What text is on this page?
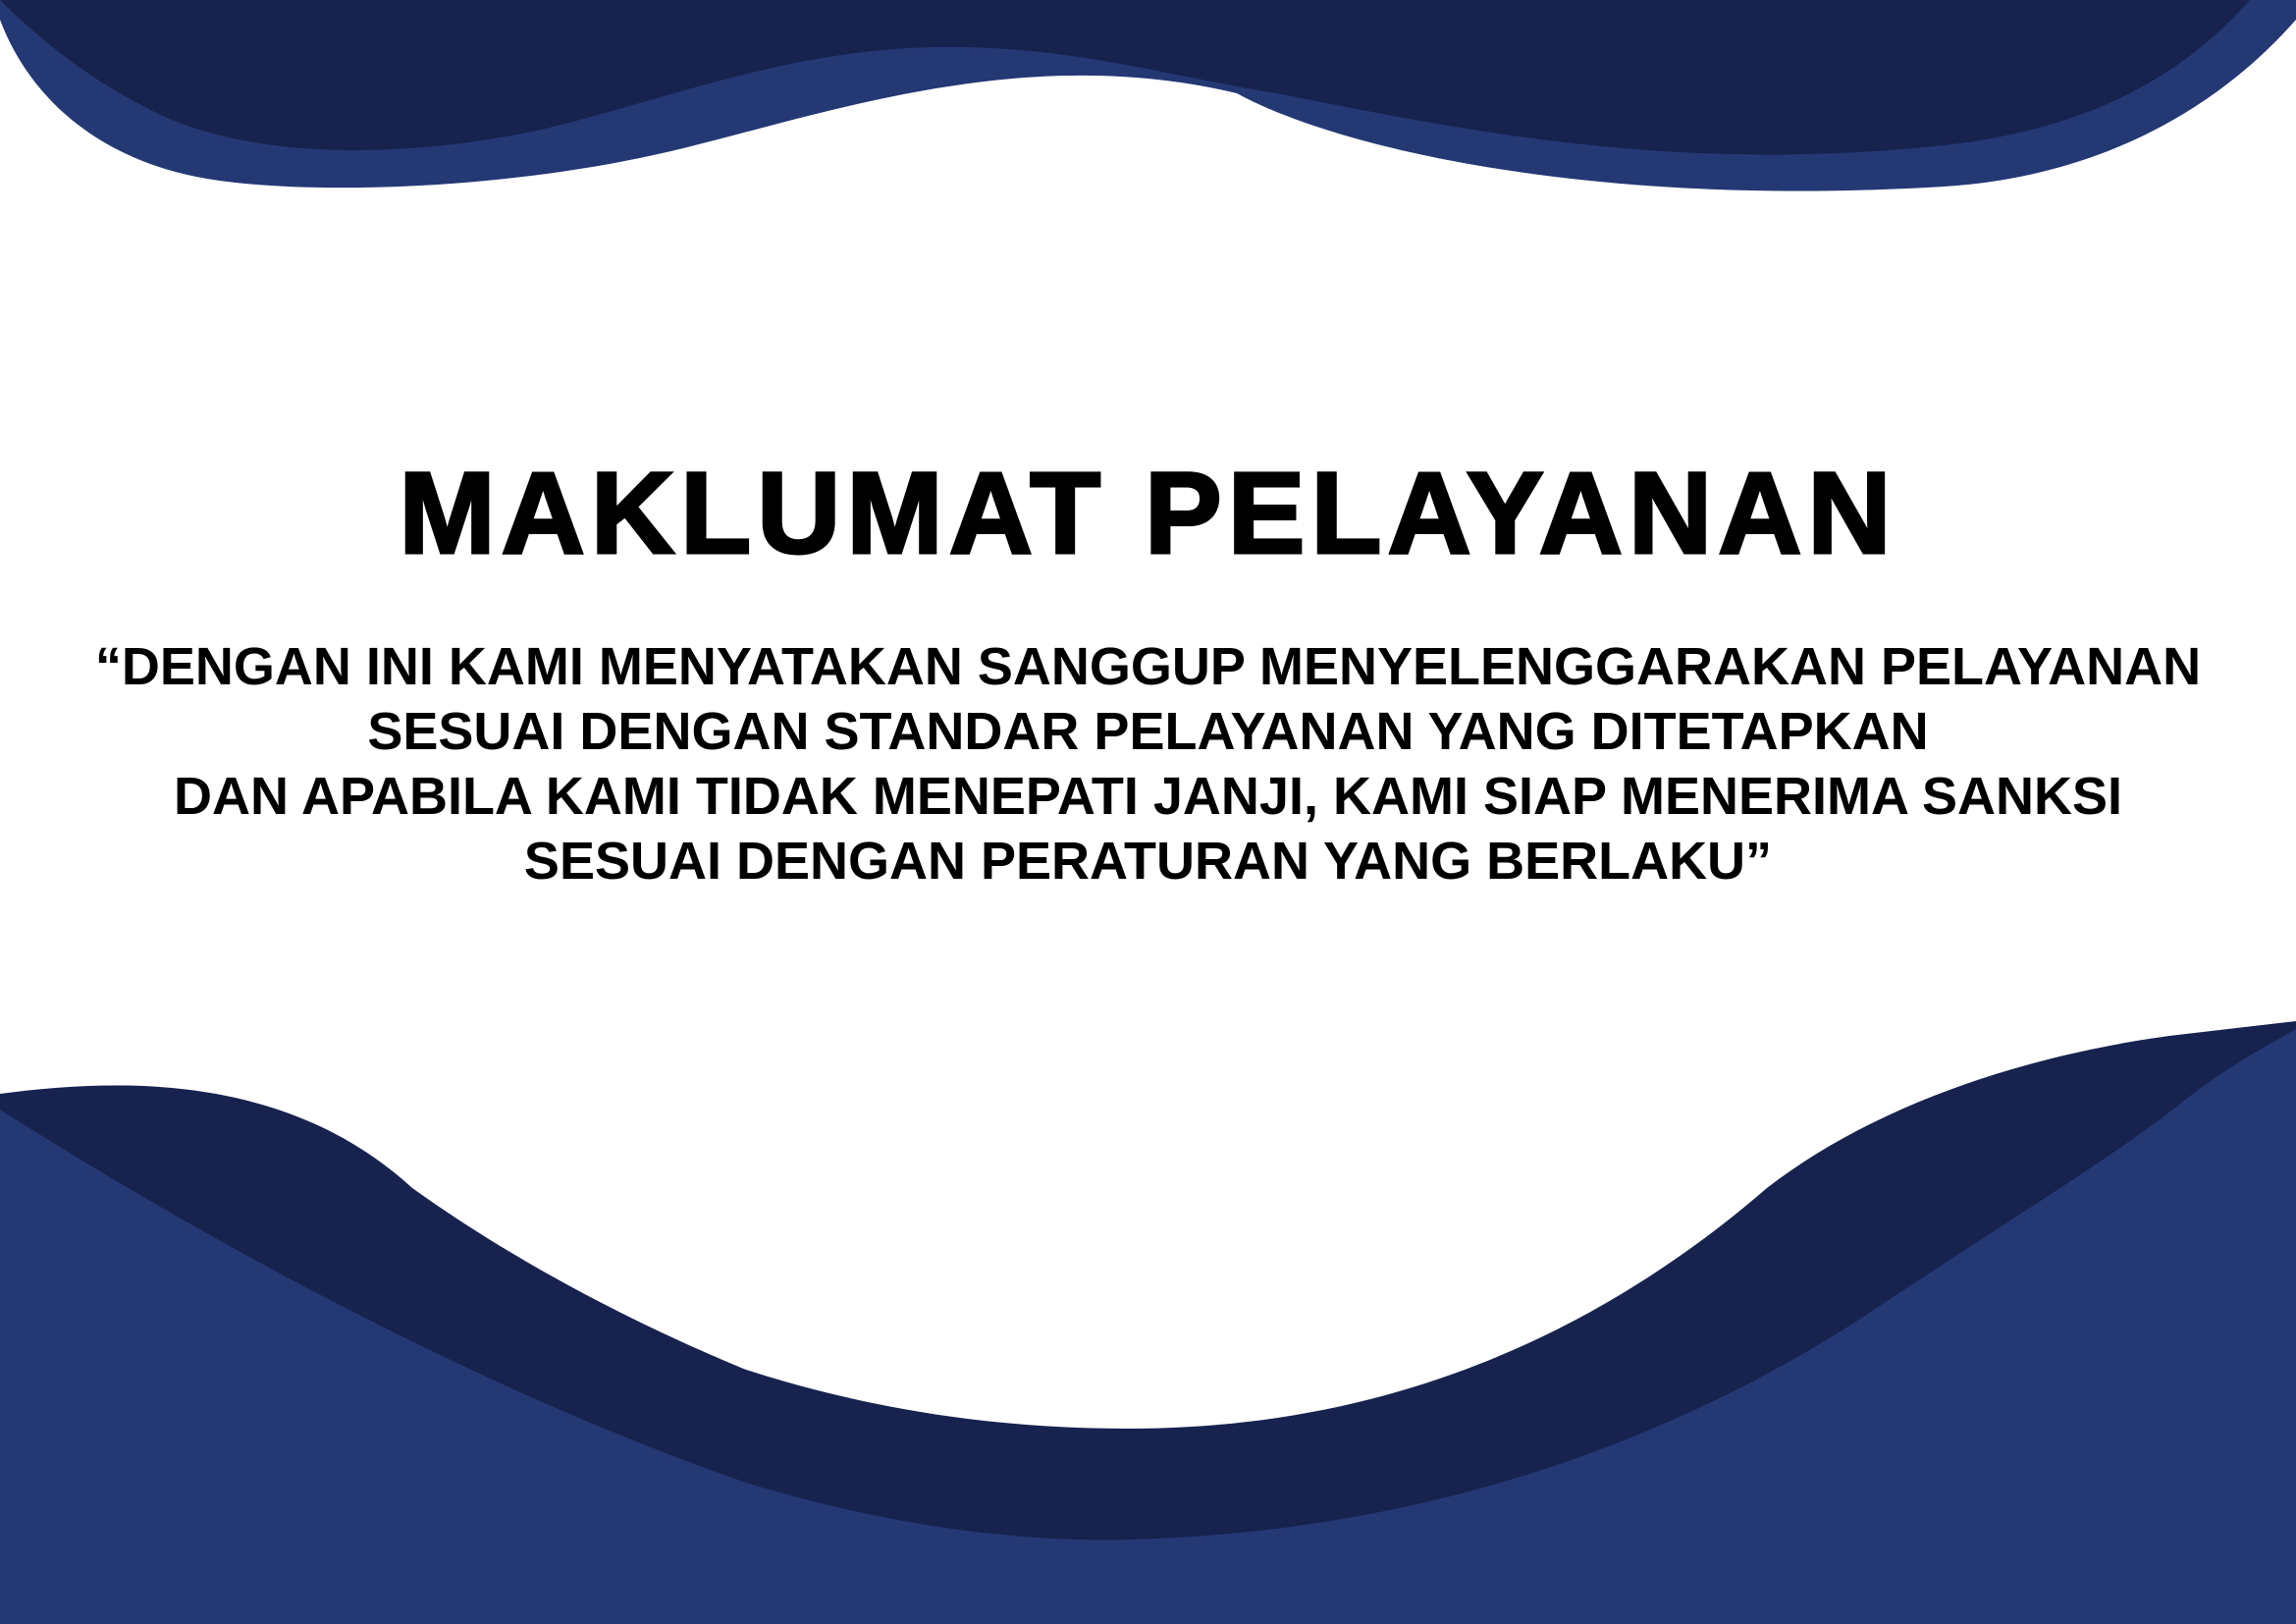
MAKLUMAT PELAYANAN
“DENGAN INI KAMI MENYATAKAN SANGGUP MENYELENGGARAKAN PELAYANAN
SESUAI DENGAN STANDAR PELAYANAN YANG DITETAPKAN
DAN APABILA KAMI TIDAK MENEPATI JANJI, KAMI SIAP MENERIMA SANKSI
SESUAI DENGAN PERATURAN YANG BERLAKU”
